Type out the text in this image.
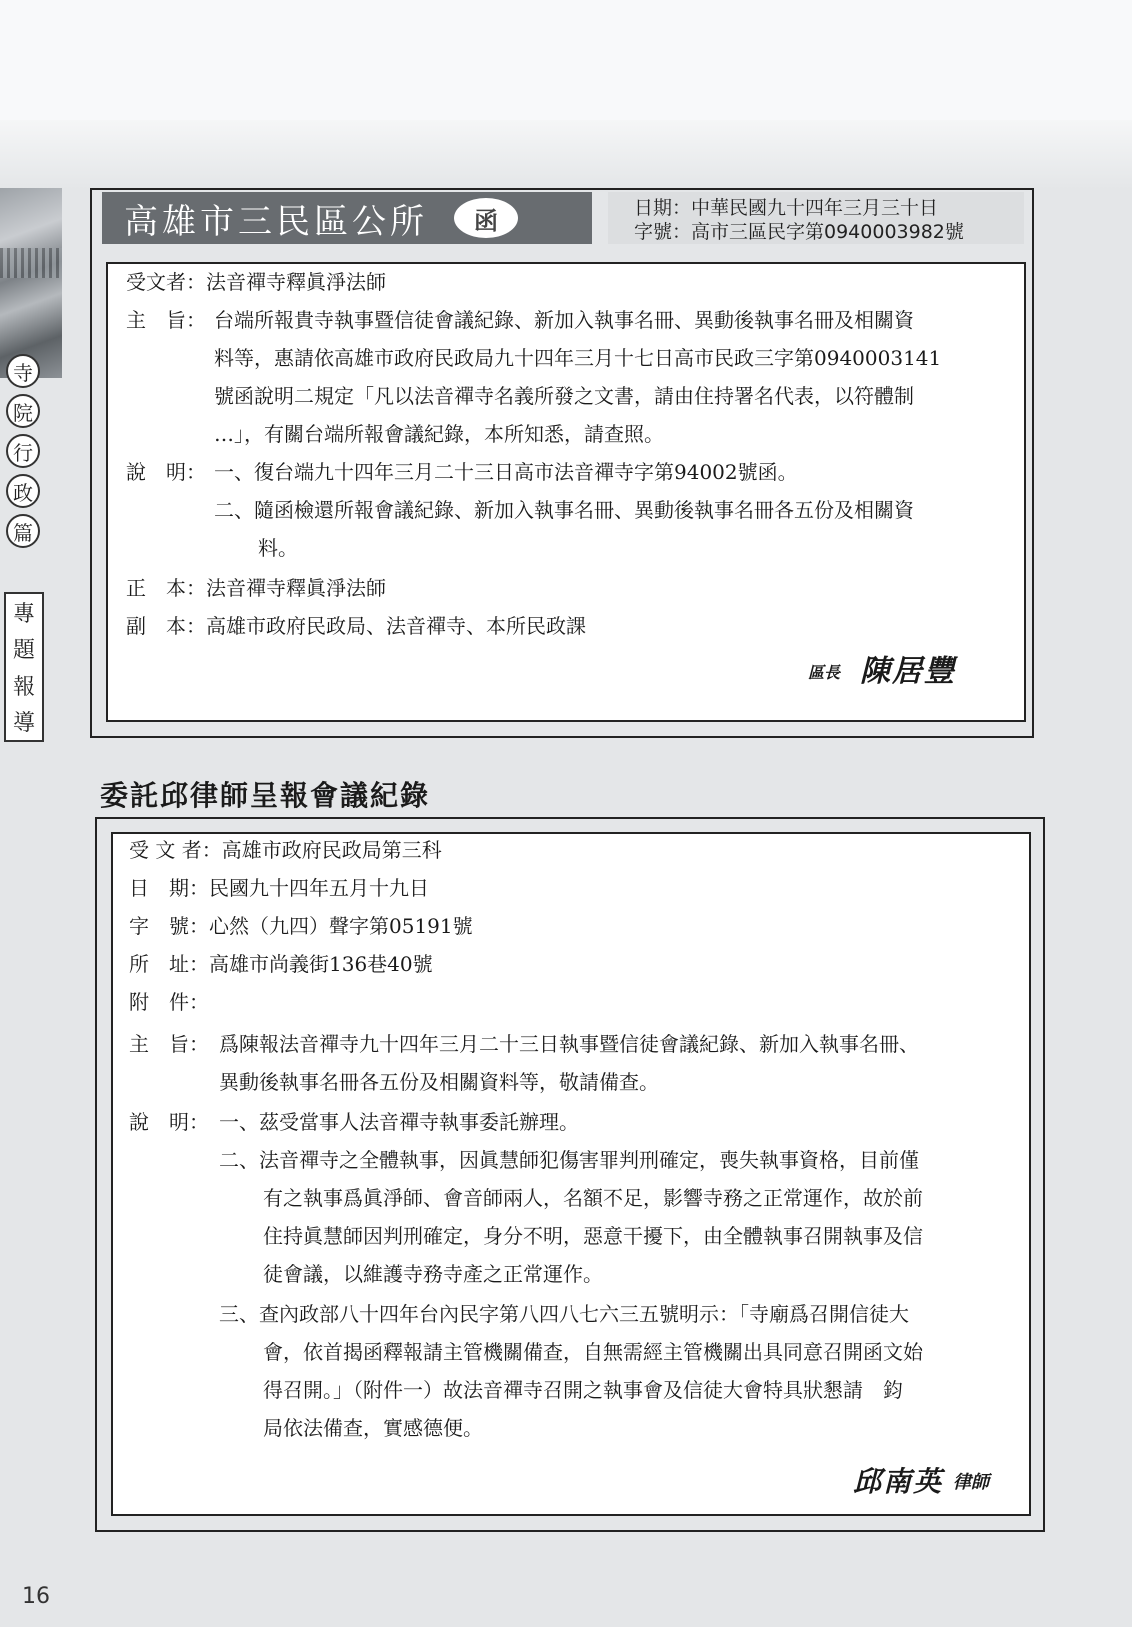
寺
院
行
政
篇
專
題
報
導
高雄市三民區公所	函	日期：中華民國九十四年三月三十日
字號：高市三區民字第0940003982號
受文者：法音禪寺釋眞淨法師
主　旨： 台端所報貴寺執事暨信徒會議紀錄、新加入執事名冊、異動後執事名冊及相關資
料等，惠請依高雄市政府民政局九十四年三月十七日高市民政三字第0940003141
號函說明二規定「凡以法音禪寺名義所發之文書，請由住持署名代表，以符體制
…」，有關台端所報會議紀錄，本所知悉，請查照。
說　明： 一、復台端九十四年三月二十三日高市法音禪寺字第94002號函。
二、隨函檢還所報會議紀錄、新加入執事名冊、異動後執事名冊各五份及相關資
料。
正　本：法音禪寺釋眞淨法師
副　本：高雄市政府民政局、法音禪寺、本所民政課
區長 陳居豐
委託邱律師呈報會議紀錄
受 文 者：高雄市政府民政局第三科
日　期：民國九十四年五月十九日
字　號：心然（九四）聲字第05191號
所　址：高雄市尚義街136巷40號
附　件：
主　旨： 爲陳報法音禪寺九十四年三月二十三日執事暨信徒會議紀錄、新加入執事名冊、
異動後執事名冊各五份及相關資料等，敬請備查。
說　明： 一、茲受當事人法音禪寺執事委託辦理。
二、法音禪寺之全體執事，因眞慧師犯傷害罪判刑確定，喪失執事資格，目前僅
有之執事爲眞淨師、會音師兩人，名額不足，影響寺務之正常運作，故於前
住持眞慧師因判刑確定，身分不明，惡意干擾下，由全體執事召開執事及信
徒會議，以維護寺務寺產之正常運作。
三、查內政部八十四年台內民字第八四八七六三五號明示：「寺廟爲召開信徒大
會，依首揭函釋報請主管機關備查，自無需經主管機關出具同意召開函文始
得召開。」（附件一）故法音禪寺召開之執事會及信徒大會特具狀懇請　鈞
局依法備查，實感德便。
邱南英 律師
16
